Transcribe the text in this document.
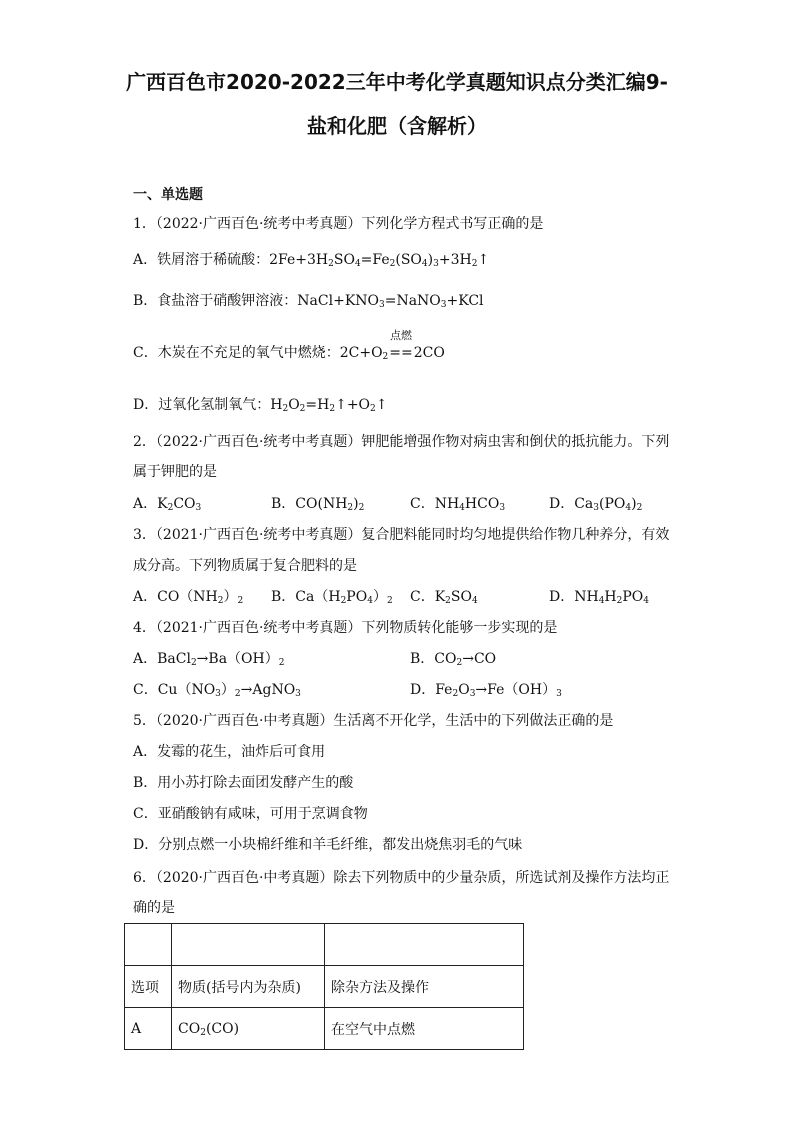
广西百色市2020-2022三年中考化学真题知识点分类汇编9-
盐和化肥（含解析）
一、单选题
1．（2022·广西百色·统考中考真题）下列化学方程式书写正确的是
A．铁屑溶于稀硫酸：$2Fe+3H_2SO_4=Fe_2(SO_4)_3+3H_2↑$
B．食盐溶于硝酸钾溶液：$NaCl+KNO_3=NaNO_3+KCl$
C．木炭在不充足的氧气中燃烧：$2C+O_2$
点燃
==2CO
D．过氧化氢制氧气：$H_2O_2=H_2↑+O_2↑$
2．（2022·广西百色·统考中考真题）钾肥能增强作物对病虫害和倒伏的抵抗能力。下列
属于钾肥的是
A．$K_2CO_3$	B．$CO(NH_2)_2$	C．$NH_4HCO_3$	D．$Ca_3(PO_4)_2$
3．（2021·广西百色·统考中考真题）复合肥料能同时均匀地提供给作物几种养分，有效
成分高。下列物质属于复合肥料的是
A．$CO(NH_2)_2$ B．$Ca(H_2PO_4)_2$ C．$K_2SO_4$	D．$NH_4H_2PO_4$
4．（2021·广西百色·统考中考真题）下列物质转化能够一步实现的是
A．$BaCl_2\to Ba(OH)_2$	B．$CO_2\to CO$
C．$Cu(NO_3)_2\to AgNO_3$	D．$Fe_2O_3\to Fe(OH)_3$
5．（2020·广西百色·中考真题）生活离不开化学，生活中的下列做法正确的是
A．发霉的花生，油炸后可食用
B．用小苏打除去面团发酵产生的酸
C．亚硝酸钠有咸味，可用于烹调食物
D．分别点燃一小块棉纤维和羊毛纤维，都发出烧焦羽毛的气味
6．（2020·广西百色·中考真题）除去下列物质中的少量杂质，所选试剂及操作方法均正
确的是

选项	物质(括号内为杂质)	除杂方法及操作
A	$CO_2(CO)$	在空气中点燃
